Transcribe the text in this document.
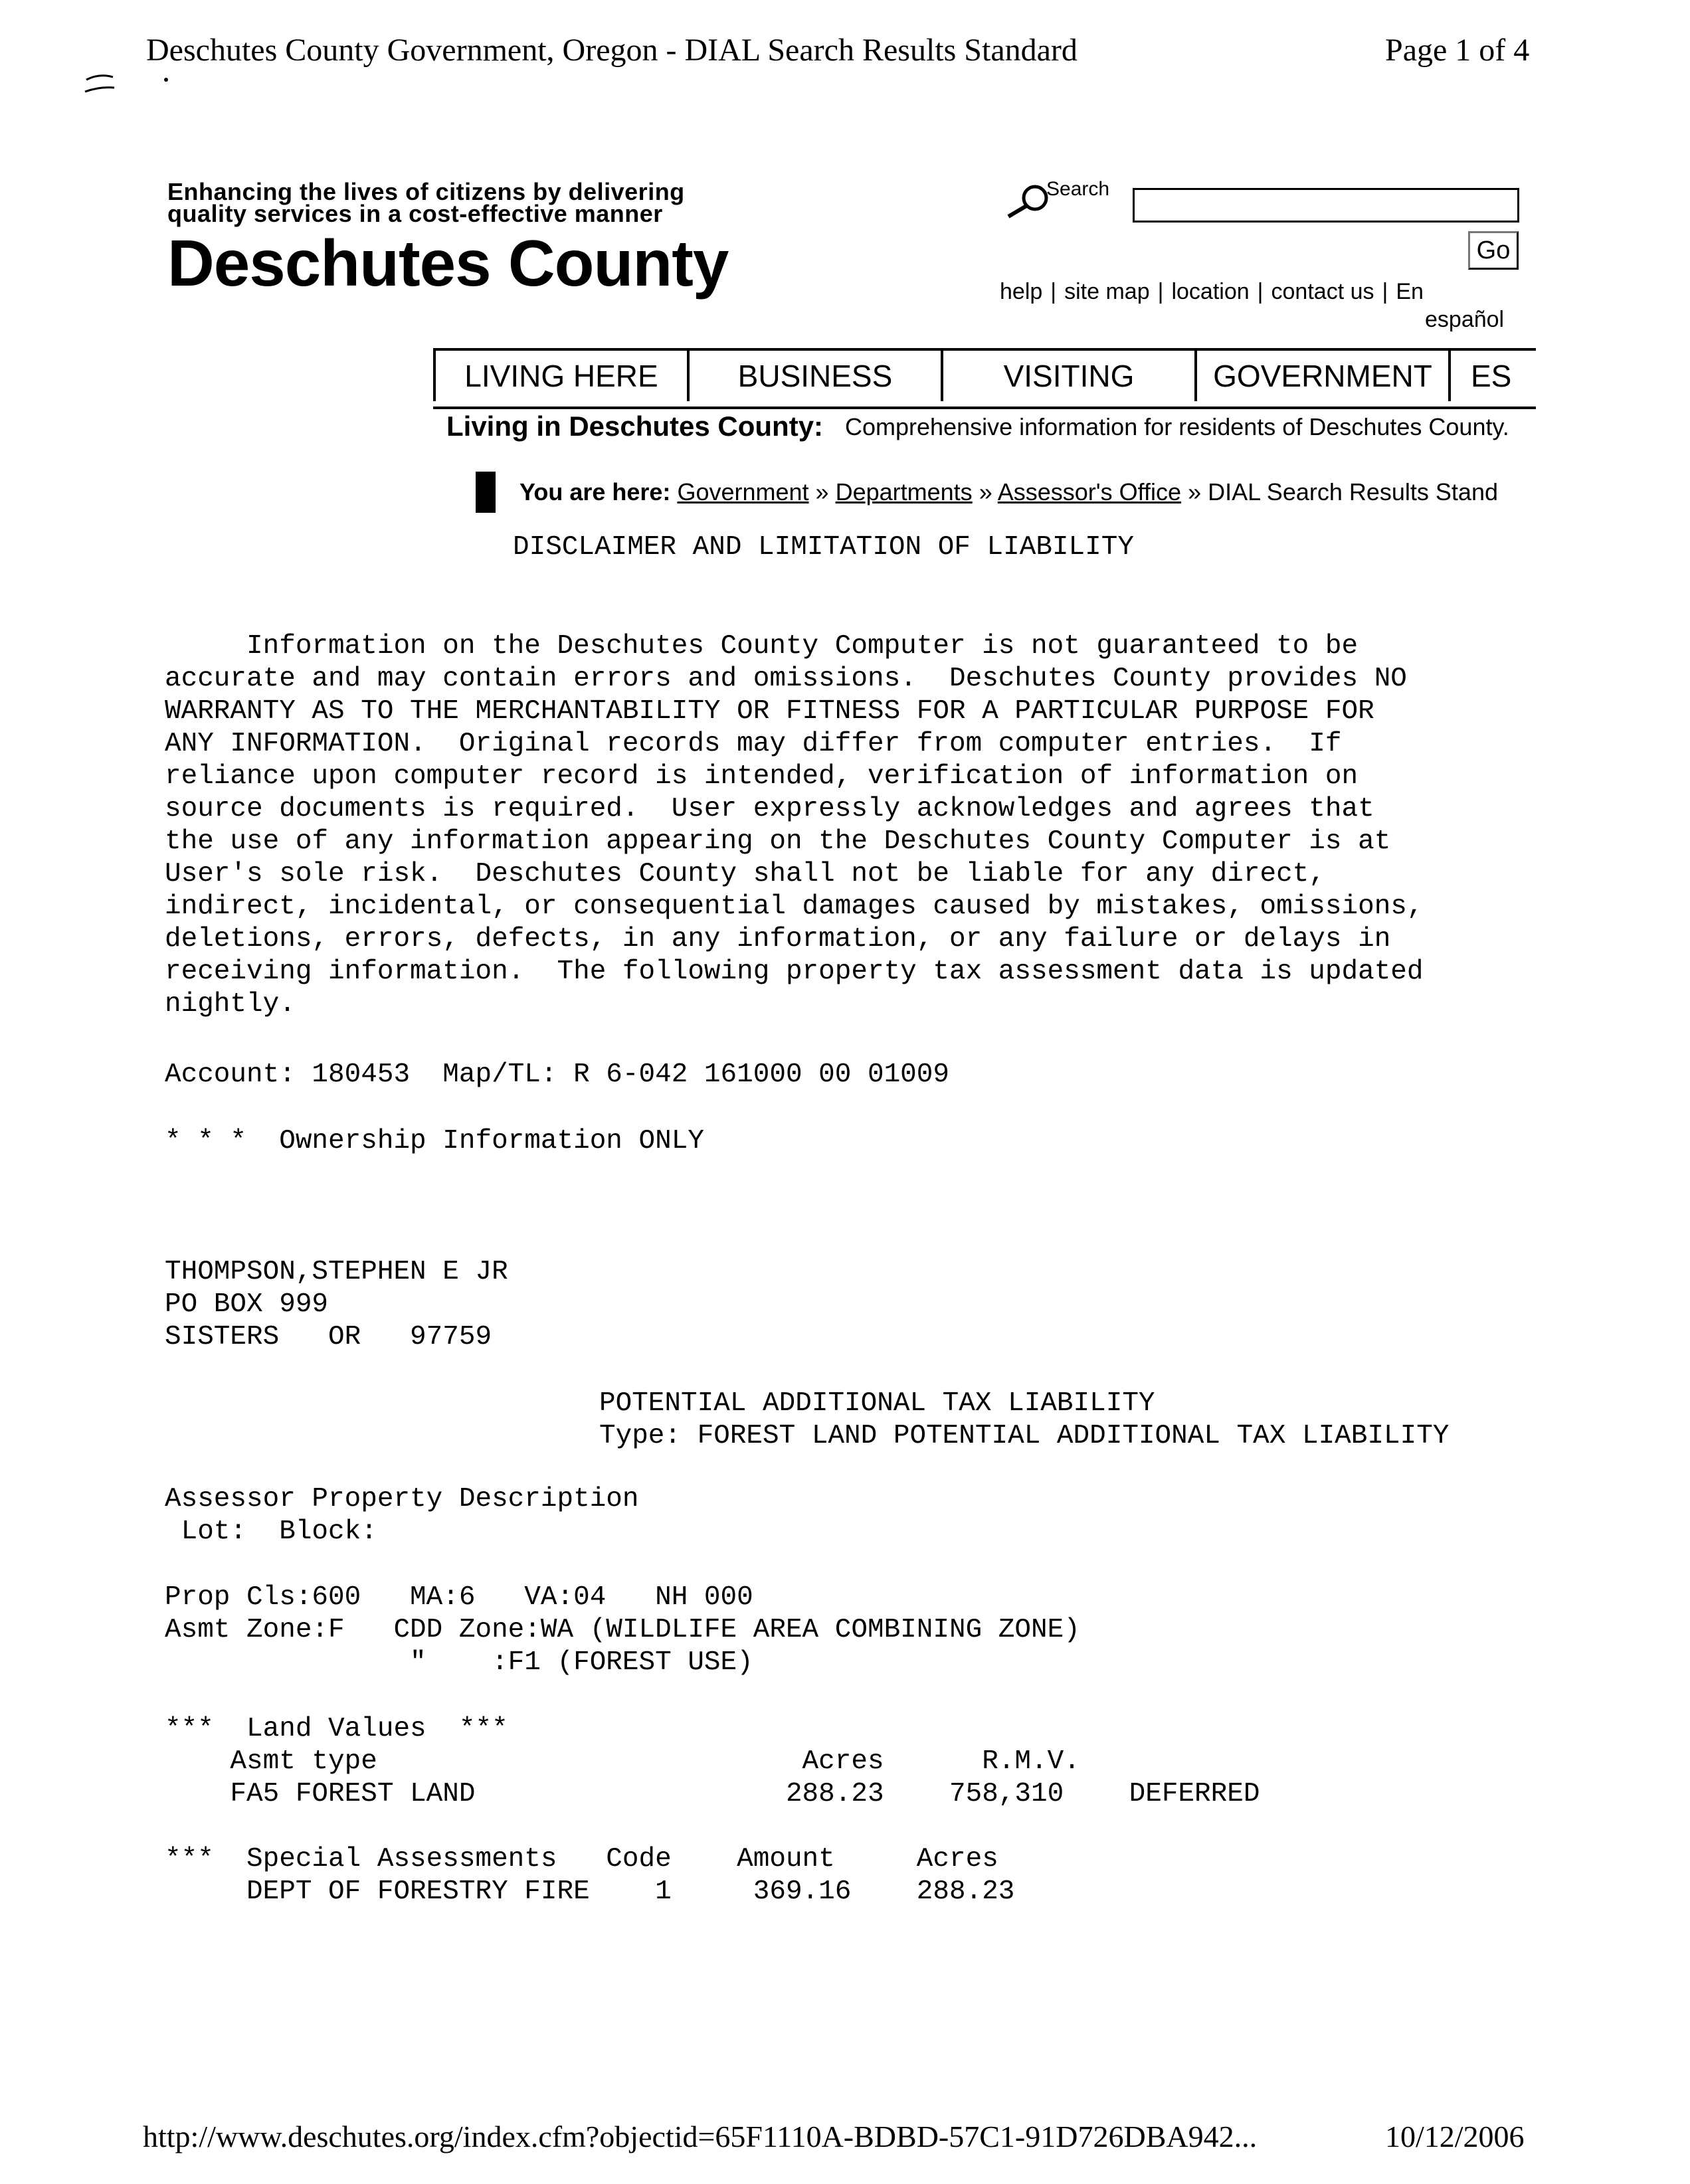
Deschutes County Government, Oregon - DIAL Search Results Standard	Page 1 of 4
Enhancing the lives of citizens by delivering
quality services in a cost-effective manner
Deschutes County

Search
Go
help | site map | location | contact us | En
español
LIVING HERE	BUSINESS	VISITING	GOVERNMENT	ES
Living in Deschutes County: Comprehensive information for residents of Deschutes County.
You are here: Government » Departments » Assessor's Office » DIAL Search Results Stand
DISCLAIMER AND LIMITATION OF LIABILITY

Information on the Deschutes County Computer is not guaranteed to be
accurate and may contain errors and omissions.  Deschutes County provides NO
WARRANTY AS TO THE MERCHANTABILITY OR FITNESS FOR A PARTICULAR PURPOSE FOR
ANY INFORMATION.  Original records may differ from computer entries.  If
reliance upon computer record is intended, verification of information on
source documents is required.  User expressly acknowledges and agrees that
the use of any information appearing on the Deschutes County Computer is at
User's sole risk.  Deschutes County shall not be liable for any direct,
indirect, incidental, or consequential damages caused by mistakes, omissions,
deletions, errors, defects, in any information, or any failure or delays in
receiving information.  The following property tax assessment data is updated
nightly.

Account: 180453  Map/TL: R 6-042 161000 00 01009
* * *  Ownership Information ONLY

THOMPSON,STEPHEN E JR
PO BOX 999
SISTERS   OR   97759

POTENTIAL ADDITIONAL TAX LIABILITY
Type: FOREST LAND POTENTIAL ADDITIONAL TAX LIABILITY

Assessor Property Description
Lot:  Block:

Prop Cls:600   MA:6   VA:04   NH 000
Asmt Zone:F   CDD Zone:WA (WILDLIFE AREA COMBINING ZONE)
"    :F1 (FOREST USE)

***  Land Values  ***
Asmt type                          Acres      R.M.V.
FA5 FOREST LAND                   288.23    758,310    DEFERRED

***  Special Assessments   Code    Amount     Acres
DEPT OF FORESTRY FIRE    1     369.16    288.23

http://www.deschutes.org/index.cfm?objectid=65F1110A-BDBD-57C1-91D726DBA942...	10/12/2006
